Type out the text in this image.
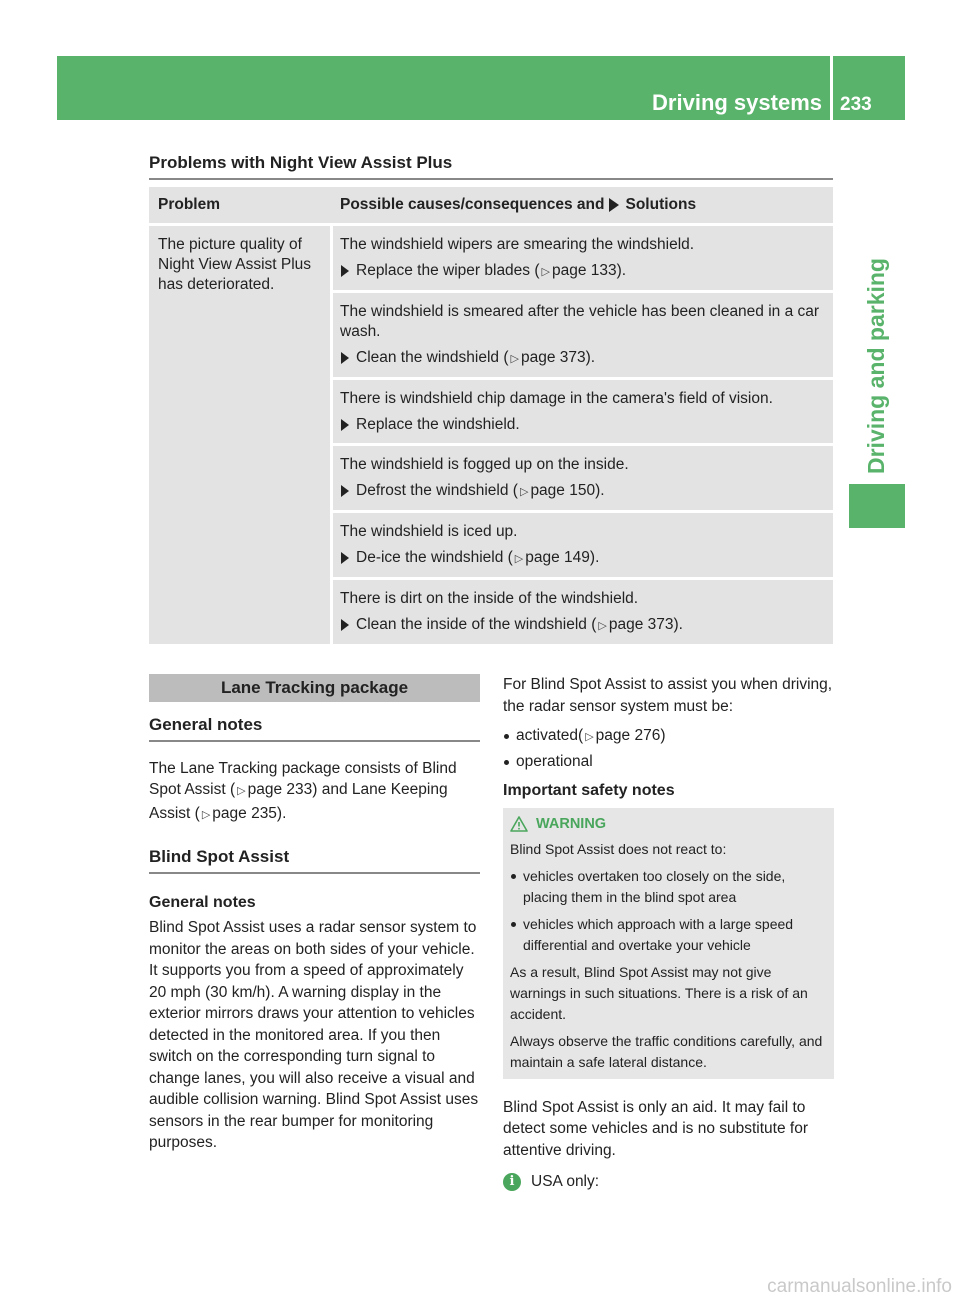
Driving systems 233
Driving and parking
Problems with Night View Assist Plus
Problem	Possible causes/consequences and Solutions
The picture quality of Night View Assist Plus has deteriorated.
The windshield wipers are smearing the windshield.
Replace the wiper blades ( ▷ page 133).
The windshield is smeared after the vehicle has been cleaned in a car wash.
Clean the windshield ( ▷ page 373).
There is windshield chip damage in the camera's field of vision.
Replace the windshield.
The windshield is fogged up on the inside.
Defrost the windshield ( ▷ page 150).
The windshield is iced up.
De-ice the windshield ( ▷ page 149).
There is dirt on the inside of the windshield.
Clean the inside of the windshield ( ▷ page 373).
Lane Tracking package
General notes

The Lane Tracking package consists of Blind Spot Assist ( ▷ page 233) and Lane Keeping Assist ( ▷ page 235).

Blind Spot Assist
General notes

Blind Spot Assist uses a radar sensor system to monitor the areas on both sides of your vehicle. It supports you from a speed of approximately 20 mph (30 km/h). A warning display in the exterior mirrors draws your attention to vehicles detected in the monitored area. If you then switch on the corresponding turn signal to change lanes, you will also receive a visual and audible collision warning. Blind Spot Assist uses sensors in the rear bumper for monitoring purposes.

For Blind Spot Assist to assist you when driving, the radar sensor system must be:

activated( ▷ page 276)
operational
Important safety notes
WARNING

Blind Spot Assist does not react to:

vehicles overtaken too closely on the side, placing them in the blind spot area
vehicles which approach with a large speed differential and overtake your vehicle

As a result, Blind Spot Assist may not give warnings in such situations. There is a risk of an accident.

Always observe the traffic conditions carefully, and maintain a safe lateral distance.

Blind Spot Assist is only an aid. It may fail to detect some vehicles and is no substitute for attentive driving.

i	USA only:
carmanualsonline.info
